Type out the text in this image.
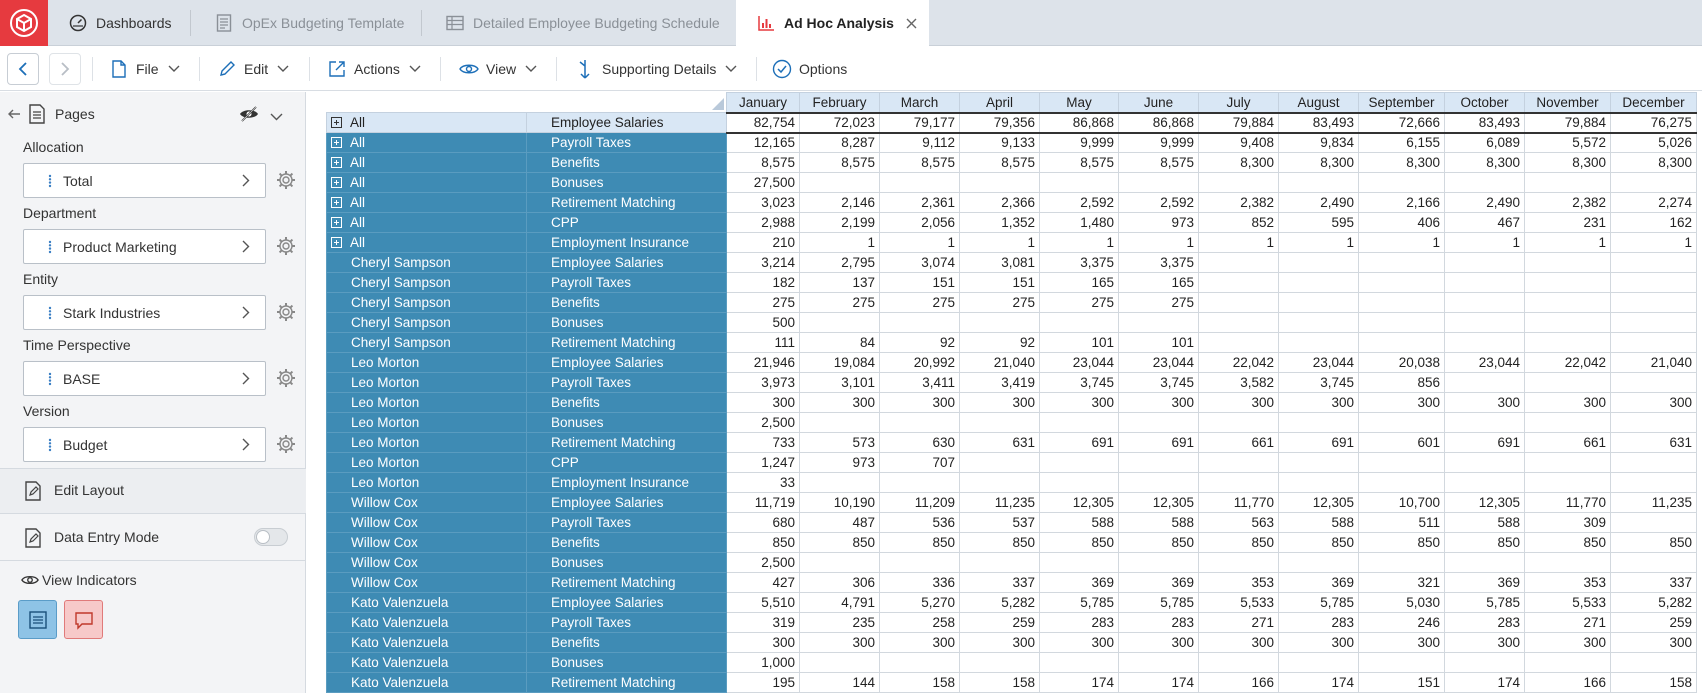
Dashboards	OpEx Budgeting Template	Detailed Employee Budgeting Schedule	Ad Hoc Analysis
File	Edit	Actions	View	Supporting Details	Options
Pages
Allocation
Total
Department
Product Marketing
Entity
Stark Industries
Time Perspective
BASE
Version
Budget
Edit Layout
Data Entry Mode
View Indicators
		January	February	March	April	May	June	July	August	September	October	November	December
All	Employee Salaries	82,754	72,023	79,177	79,356	86,868	86,868	79,884	83,493	72,666	83,493	79,884	76,275
All	Payroll Taxes	12,165	8,287	9,112	9,133	9,999	9,999	9,408	9,834	6,155	6,089	5,572	5,026
All	Benefits	8,575	8,575	8,575	8,575	8,575	8,575	8,300	8,300	8,300	8,300	8,300	8,300
All	Bonuses	27,500											
All	Retirement Matching	3,023	2,146	2,361	2,366	2,592	2,592	2,382	2,490	2,166	2,490	2,382	2,274
All	CPP	2,988	2,199	2,056	1,352	1,480	973	852	595	406	467	231	162
All	Employment Insurance	210	1	1	1	1	1	1	1	1	1	1	1
Cheryl Sampson	Employee Salaries	3,214	2,795	3,074	3,081	3,375	3,375						
Cheryl Sampson	Payroll Taxes	182	137	151	151	165	165						
Cheryl Sampson	Benefits	275	275	275	275	275	275						
Cheryl Sampson	Bonuses	500											
Cheryl Sampson	Retirement Matching	111	84	92	92	101	101						
Leo Morton	Employee Salaries	21,946	19,084	20,992	21,040	23,044	23,044	22,042	23,044	20,038	23,044	22,042	21,040
Leo Morton	Payroll Taxes	3,973	3,101	3,411	3,419	3,745	3,745	3,582	3,745	856			
Leo Morton	Benefits	300	300	300	300	300	300	300	300	300	300	300	300
Leo Morton	Bonuses	2,500											
Leo Morton	Retirement Matching	733	573	630	631	691	691	661	691	601	691	661	631
Leo Morton	CPP	1,247	973	707									
Leo Morton	Employment Insurance	33											
Willow Cox	Employee Salaries	11,719	10,190	11,209	11,235	12,305	12,305	11,770	12,305	10,700	12,305	11,770	11,235
Willow Cox	Payroll Taxes	680	487	536	537	588	588	563	588	511	588	309	
Willow Cox	Benefits	850	850	850	850	850	850	850	850	850	850	850	850
Willow Cox	Bonuses	2,500											
Willow Cox	Retirement Matching	427	306	336	337	369	369	353	369	321	369	353	337
Kato Valenzuela	Employee Salaries	5,510	4,791	5,270	5,282	5,785	5,785	5,533	5,785	5,030	5,785	5,533	5,282
Kato Valenzuela	Payroll Taxes	319	235	258	259	283	283	271	283	246	283	271	259
Kato Valenzuela	Benefits	300	300	300	300	300	300	300	300	300	300	300	300
Kato Valenzuela	Bonuses	1,000											
Kato Valenzuela	Retirement Matching	195	144	158	158	174	174	166	174	151	174	166	158
